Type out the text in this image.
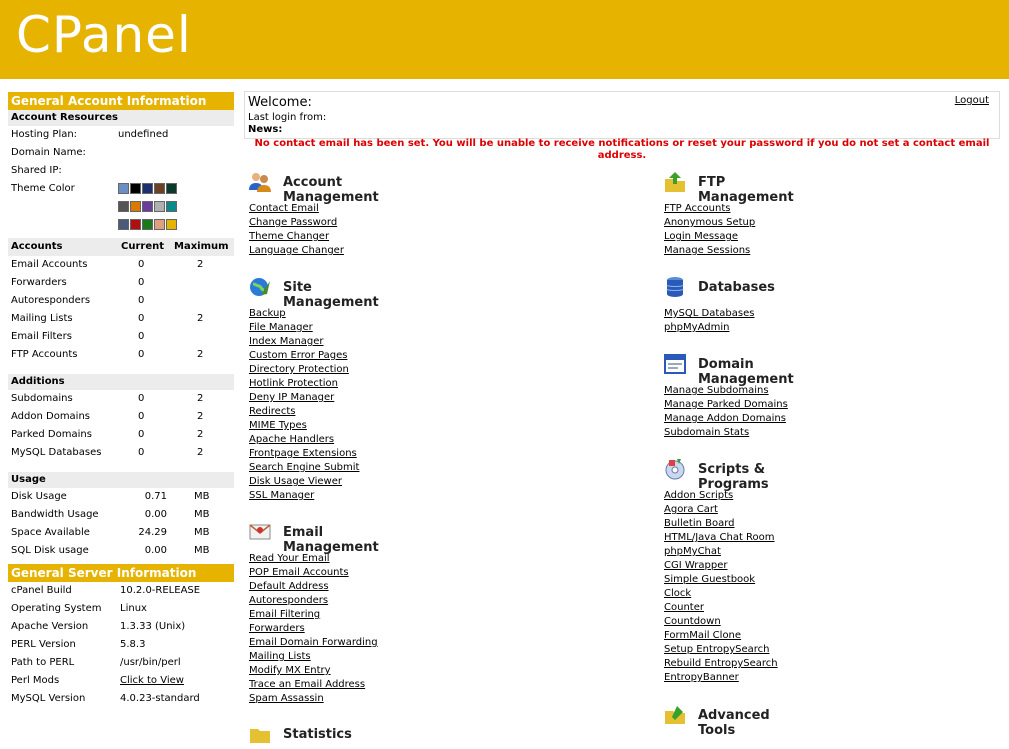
CPanel
General Account Information
Account Resources
Hosting Plan:	undefined
Domain Name:
Shared IP:
Theme Color

Accounts	Current Maximum
Email Accounts	0	2
Forwarders	0
Autoresponders	0
Mailing Lists	0	2
Email Filters	0
FTP Accounts	0	2
Additions
Subdomains	0	2
Addon Domains	0	2
Parked Domains	0	2
MySQL Databases	0	2
Usage
Disk Usage	0.71	MB
Bandwidth Usage	0.00	MB
Space Available	24.29	MB
SQL Disk usage	0.00	MB
General Server Information
cPanel Build	10.2.0-RELEASE
Operating System Linux
Apache Version	1.3.33 (Unix)
PERL Version	5.8.3
Path to PERL	/usr/bin/perl
Perl Mods	Click to View
MySQL Version	4.0.23-standard
Welcome:
Last login from:
News:
Logout
No contact email has been set. You will be unable to receive notifications or reset your password if you do not set a contact email address.
Account Management
Contact Email
Change Password
Theme Changer
Language Changer
Site Management
Backup
File Manager
Index Manager
Custom Error Pages
Directory Protection
Hotlink Protection
Deny IP Manager
Redirects
MIME Types
Apache Handlers
Frontpage Extensions
Search Engine Submit
Disk Usage Viewer
SSL Manager
Email Management
Read Your Email
POP Email Accounts
Default Address
Autoresponders
Email Filtering
Forwarders
Email Domain Forwarding
Mailing Lists
Modify MX Entry
Trace an Email Address
Spam Assassin
Statistics
FTP Management
FTP Accounts
Anonymous Setup
Login Message
Manage Sessions
Databases
MySQL Databases
phpMyAdmin
Domain Management
Manage Subdomains
Manage Parked Domains
Manage Addon Domains
Subdomain Stats
Scripts & Programs
Addon Scripts
Agora Cart
Bulletin Board
HTML/Java Chat Room
phpMyChat
CGI Wrapper
Simple Guestbook
Clock
Counter
Countdown
FormMail Clone
Setup EntropySearch
Rebuild EntropySearch
EntropyBanner
Advanced Tools
